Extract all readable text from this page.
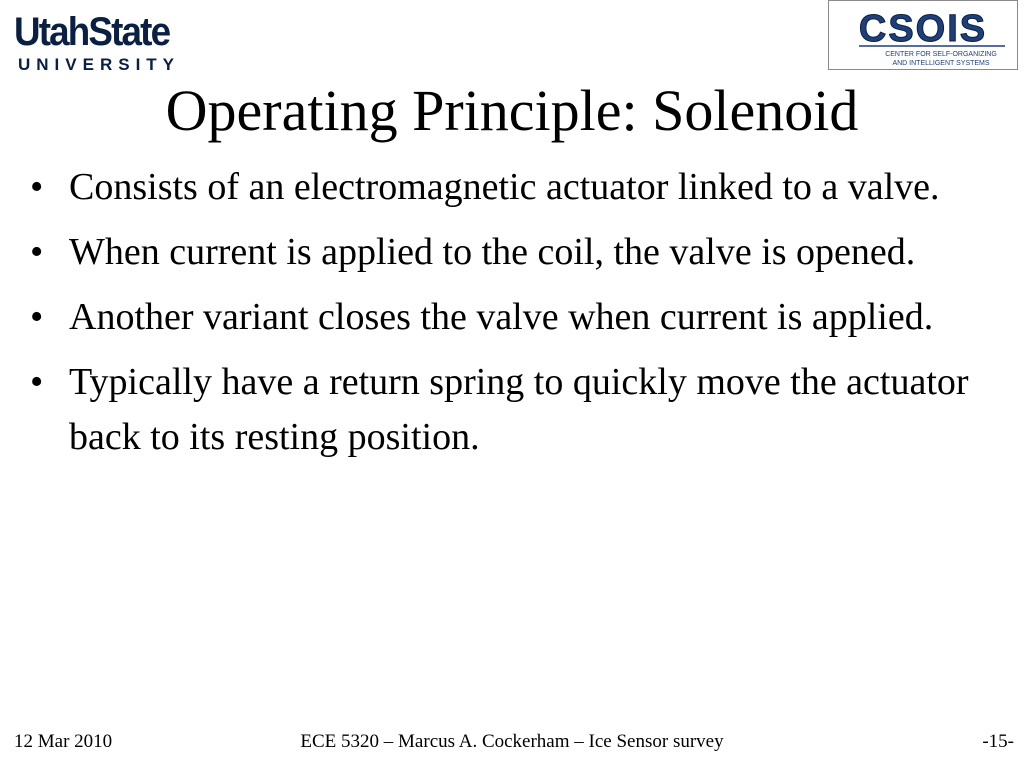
UtahState
UNIVERSITY
CSOIS
CENTER FOR SELF-ORGANIZING
AND INTELLIGENT SYSTEMS
Operating Principle: Solenoid
• Consists of an electromagnetic actuator linked to a valve.
• When current is applied to the coil, the valve is opened.
• Another variant closes the valve when current is applied.
• Typically have a return spring to quickly move the actuator back to its resting position.
12 Mar 2010	ECE 5320 – Marcus A. Cockerham – Ice Sensor survey	-15-
